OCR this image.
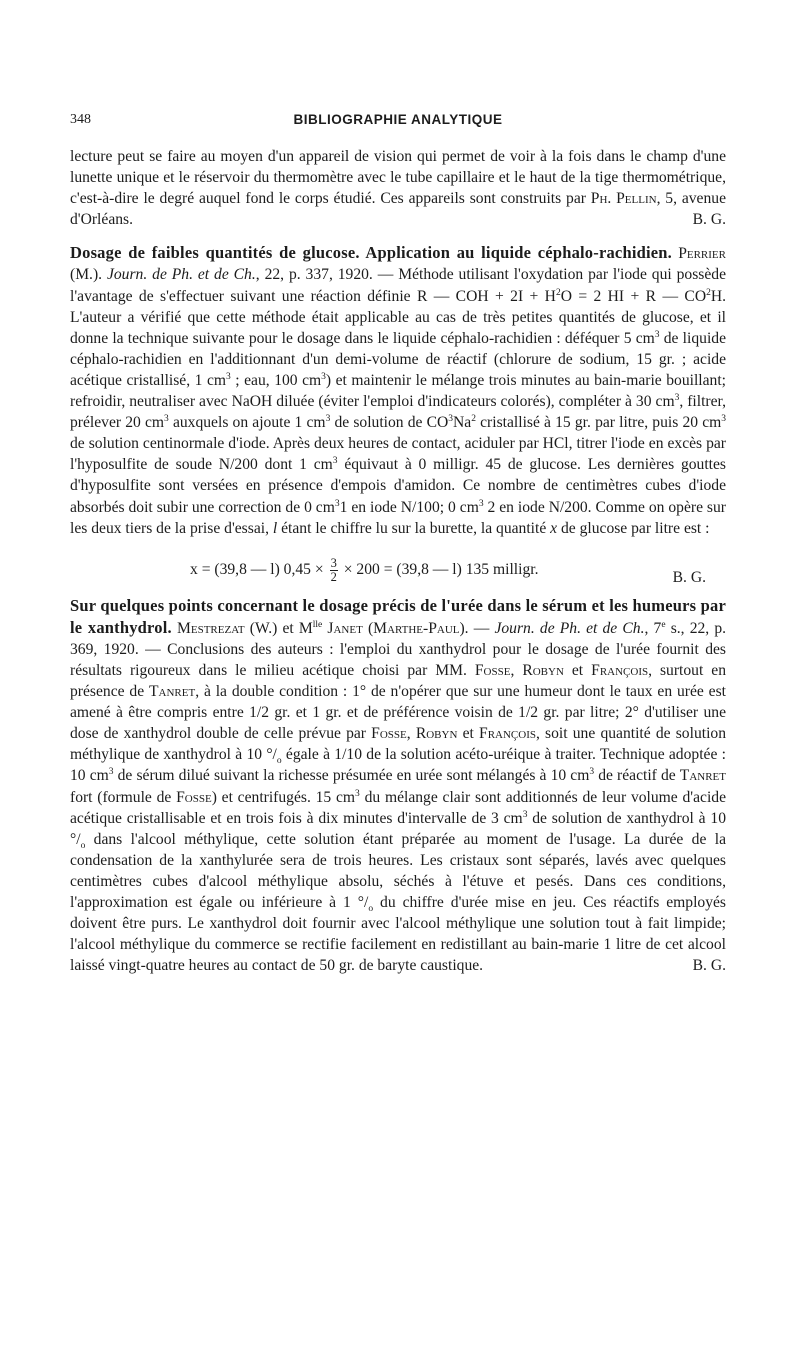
348	BIBLIOGRAPHIE ANALYTIQUE

lecture peut se faire au moyen d'un appareil de vision qui permet de voir à la fois dans le champ d'une lunette unique et le réservoir du thermomètre avec le tube capillaire et le haut de la tige thermométrique, c'est-à-dire le degré auquel fond le corps étudié. Ces appareils sont construits par Ph. Pellin, 5, avenue d'Orléans.	B. G.

Dosage de faibles quantités de glucose. Application au liquide céphalo-rachidien. Perrier (M.). Journ. de Ph. et de Ch., 22, p. 337, 1920. — Méthode utilisant l'oxydation par l'iode qui possède l'avantage de s'effectuer suivant une réaction définie R — COH + $2I + H^2O = 2$ HI + R — $CO^2H$. L'auteur a vérifié que cette méthode était applicable au cas de très petites quantités de glucose, et il donne la technique suivante pour le dosage dans le liquide céphalo-rachidien : déféquer 5 $cm^3$ de liquide céphalo-rachidien en l'additionnant d'un demi-volume de réactif (chlorure de sodium, 15 gr. ; acide acétique cristallisé, 1 $cm^3$ ; eau, 100 $cm^3$) et maintenir le mélange trois minutes au bain-marie bouillant; refroidir, neutraliser avec NaOH diluée (éviter l'emploi d'indicateurs colorés), compléter à 30 $cm^3$, filtrer, prélever 20 $cm^3$ auxquels on ajoute 1 $cm^3$ de solution de $CO^3Na^2$ cristallisé à 15 gr. par litre, puis 20 $cm^3$ de solution centinormale d'iode. Après deux heures de contact, aciduler par HCl, titrer l'iode en excès par l'hyposulfite de soude N/200 dont 1 $cm^3$ équivaut à 0 milligr. 45 de glucose. Les dernières gouttes d'hyposulfite sont versées en présence d'empois d'amidon. Ce nombre de centimètres cubes d'iode absorbés doit subir une correction de 0 $cm^31$ en iode N/100; 0 $cm^3$ 2 en iode N/200. Comme on opère sur les deux tiers de la prise d'essai, l étant le chiffre lu sur la burette, la quantité x de glucose par litre est :

x = (39,8 — l) $0,45 \times \frac{3}{2} \times 200 = (39,8$ — l) 135 milligr.	B. G.

Sur quelques points concernant le dosage précis de l'urée dans le sérum et les humeurs par le xanthydrol. Mestrezat (W.) et $M^{lle}$ Janet (Marthe-Paul). — Journ. de Ph. et de Ch., 7e s., 22, p. 369, 1920. — Conclusions des auteurs : l'emploi du xanthydrol pour le dosage de l'urée fournit des résultats rigoureux dans le milieu acétique choisi par MM. Fosse, Robyn et François, surtout en présence de Tanret, à la double condition : 1° de n'opérer que sur une humeur dont le taux en urée est amené à être compris entre 1/2 gr. et 1 gr. et de préférence voisin de 1/2 gr. par litre; 2° d'utiliser une dose de xanthydrol double de celle prévue par Fosse, Robyn et François, soit une quantité de solution méthylique de xanthydrol à 10 $^\circ/_o$ égale à 1/10 de la solution acéto-uréique à traiter. Technique adoptée : 10 $cm^3$ de sérum dilué suivant la richesse présumée en urée sont mélangés à 10 $cm^3$ de réactif de Tanret fort (formule de Fosse) et centrifugés. 15 $cm^3$ du mélange clair sont additionnés de leur volume d'acide acétique cristallisable et en trois fois à dix minutes d'intervalle de 3 $cm^3$ de solution de xanthydrol à 10 $^\circ/_o$ dans l'alcool méthylique, cette solution étant préparée au moment de l'usage. La durée de la condensation de la xanthylurée sera de trois heures. Les cristaux sont séparés, lavés avec quelques centimètres cubes d'alcool méthylique absolu, séchés à l'étuve et pesés. Dans ces conditions, l'approximation est égale ou inférieure à 1 $^\circ/_o$ du chiffre d'urée mise en jeu. Ces réactifs employés doivent être purs. Le xanthydrol doit fournir avec l'alcool méthylique une solution tout à fait limpide; l'alcool méthylique du commerce se rectifie facilement en redistillant au bain-marie 1 litre de cet alcool laissé vingt-quatre heures au contact de 50 gr. de baryte caustique.	B. G.
